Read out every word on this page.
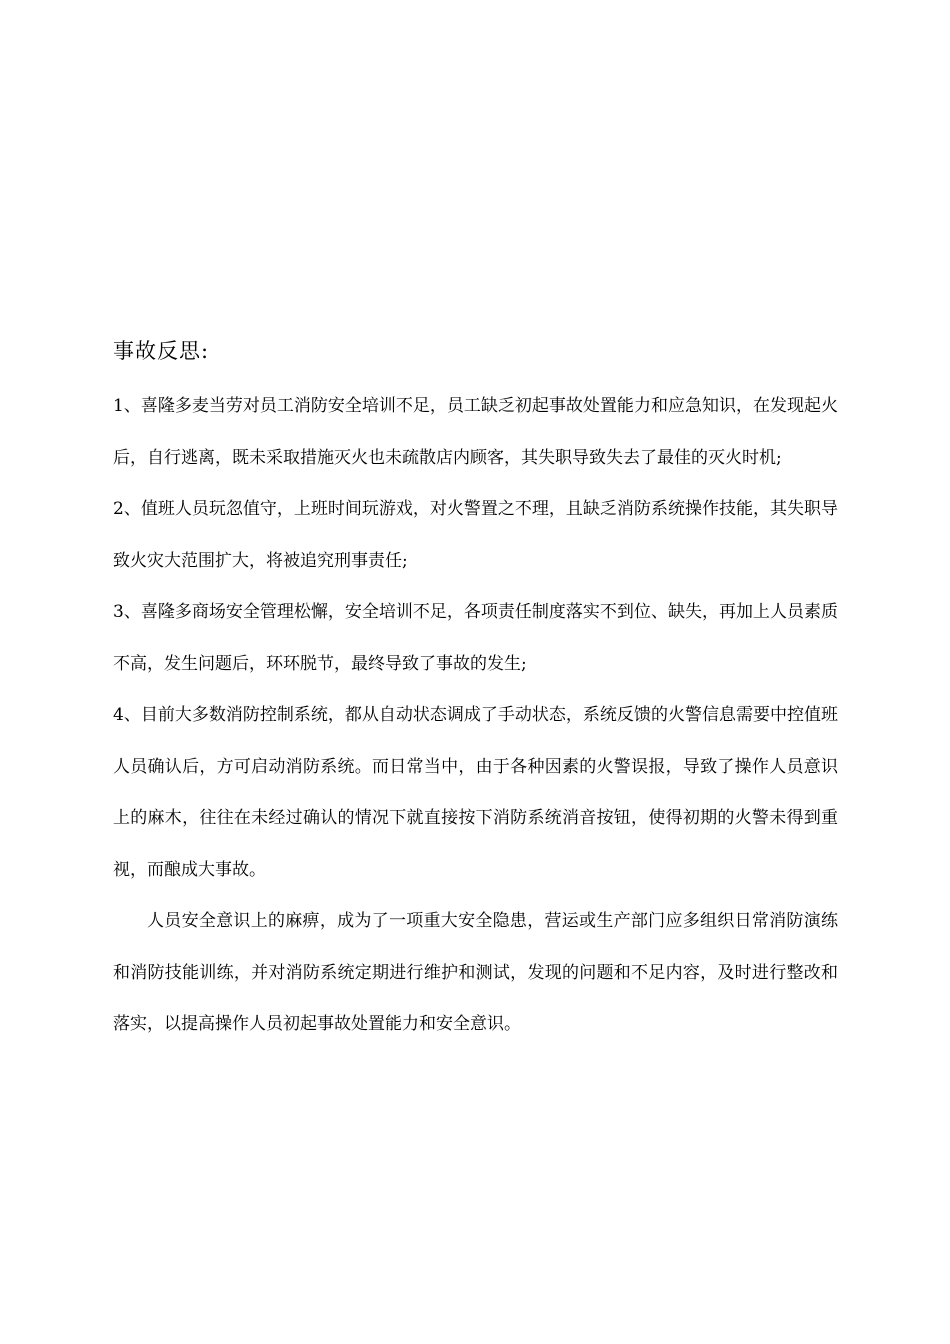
事故反思:

1、喜隆多麦当劳对员工消防安全培训不足，员工缺乏初起事故处置能力和应急知识，在发现起火后，自行逃离，既未采取措施灭火也未疏散店内顾客，其失职导致失去了最佳的灭火时机;

2、值班人员玩忽值守，上班时间玩游戏，对火警置之不理，且缺乏消防系统操作技能，其失职导致火灾大范围扩大，将被追究刑事责任;

3、喜隆多商场安全管理松懈，安全培训不足，各项责任制度落实不到位、缺失，再加上人员素质不高，发生问题后，环环脱节，最终导致了事故的发生;

4、目前大多数消防控制系统，都从自动状态调成了手动状态，系统反馈的火警信息需要中控值班人员确认后，方可启动消防系统。而日常当中，由于各种因素的火警误报，导致了操作人员意识上的麻木，往往在未经过确认的情况下就直接按下消防系统消音按钮，使得初期的火警未得到重视，而酿成大事故。

人员安全意识上的麻痹，成为了一项重大安全隐患，营运或生产部门应多组织日常消防演练和消防技能训练，并对消防系统定期进行维护和测试，发现的问题和不足内容，及时进行整改和落实，以提高操作人员初起事故处置能力和安全意识。
